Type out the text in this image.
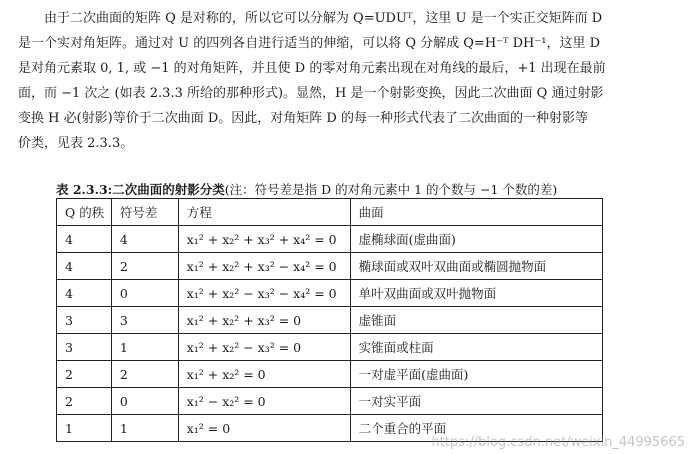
由于二次曲面的矩阵 Q 是对称的，所以它可以分解为 Q=UDUᵀ，这里 U 是一个实正交矩阵而 D
是一个实对角矩阵。通过对 U 的四列各自进行适当的伸缩，可以将 Q 分解成 Q=H⁻ᵀ DH⁻¹，这里 D
是对角元素取 0, 1, 或 −1 的对角矩阵，并且使 D 的零对角元素出现在对角线的最后，+1 出现在最前
面，而 −1 次之 (如表 2.3.3 所给的那种形式)。显然，H 是一个射影变换，因此二次曲面 Q 通过射影
变换 H 必(射影)等价于二次曲面 D。因此，对角矩阵 D 的每一种形式代表了二次曲面的一种射影等
价类，见表 2.3.3。

表 2.3.3:二次曲面的射影分类(注：符号差是指 D 的对角元素中 1 的个数与 −1 个数的差)

Q 的秩	符号差	方程	曲面
4	4	x₁² + x₂² + x₃² + x₄² = 0	虚椭球面(虚曲面)
4	2	x₁² + x₂² + x₃² − x₄² = 0	椭球面或双叶双曲面或椭圆抛物面
4	0	x₁² + x₂² − x₃² − x₄² = 0	单叶双曲面或双叶抛物面
3	3	x₁² + x₂² + x₃² = 0	虚锥面
3	1	x₁² + x₂² − x₃² = 0	实锥面或柱面
2	2	x₁² + x₂² = 0	一对虚平面(虚曲面)
2	0	x₁² − x₂² = 0	一对实平面
1	1	x₁² = 0	二个重合的平面
https://blog.csdn.net/weixin_44995665
